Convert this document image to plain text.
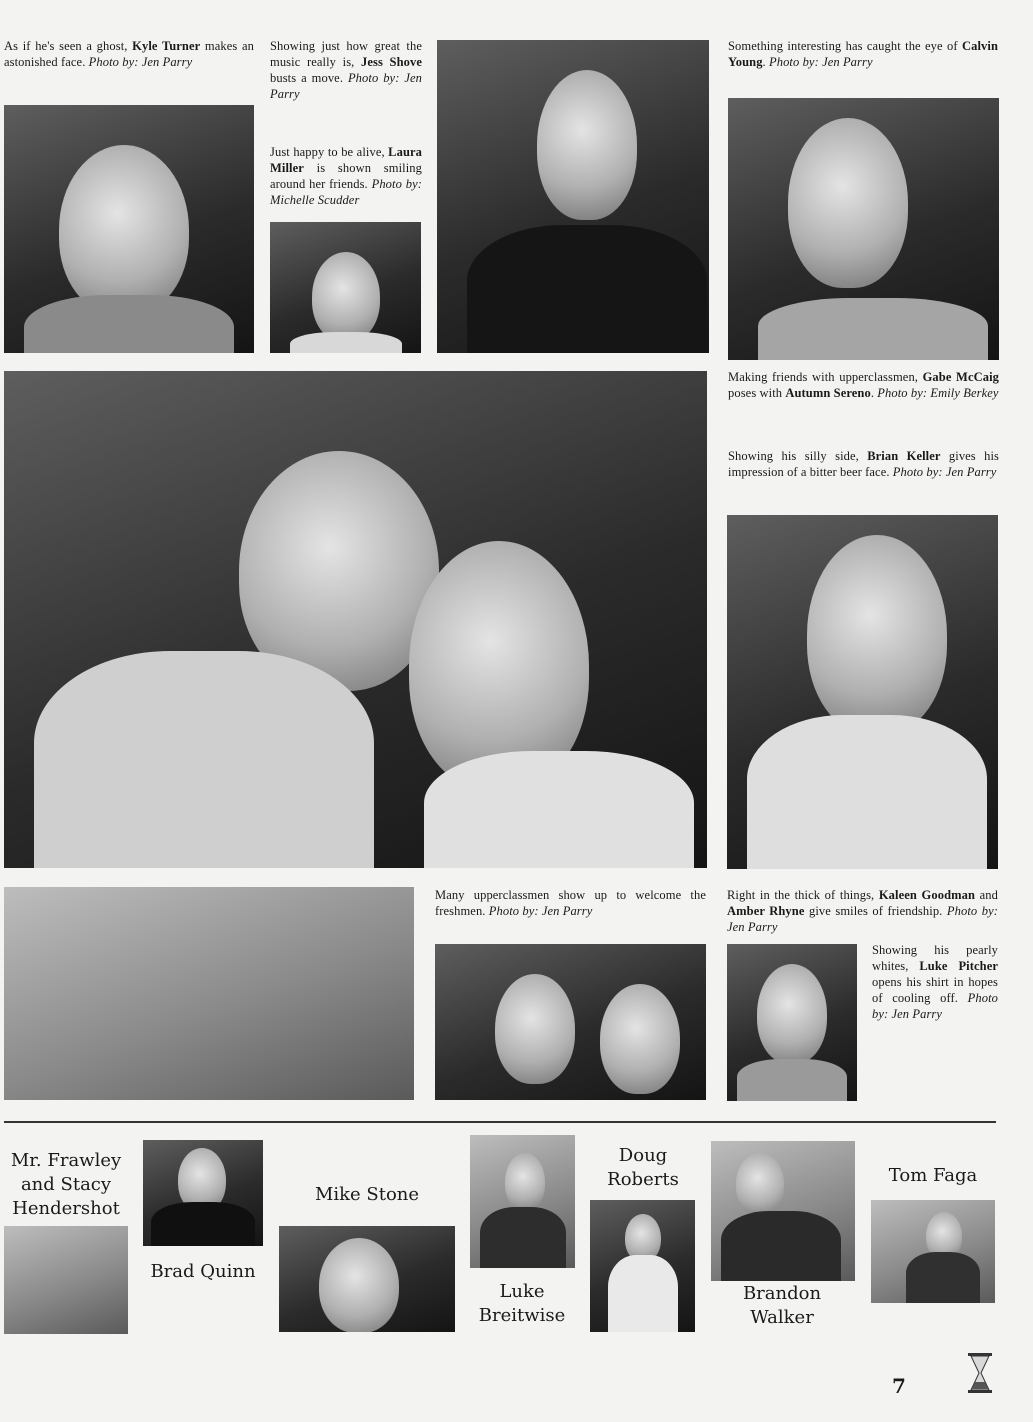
As if he's seen a ghost, Kyle Turner makes an astonished face. Photo by: Jen Parry
Showing just how great the music really is, Jess Shove busts a move. Photo by: Jen Parry
Just happy to be alive, Laura Miller is shown smiling around her friends. Photo by: Michelle Scudder
Something interesting has caught the eye of Calvin Young. Photo by: Jen Parry
Making friends with upperclassmen, Gabe McCaig poses with Autumn Sereno. Photo by: Emily Berkey
Showing his silly side, Brian Keller gives his impression of a bitter beer face. Photo by: Jen Parry
Many upperclassmen show up to welcome the freshmen. Photo by: Jen Parry
Right in the thick of things, Kaleen Goodman and Amber Rhyne give smiles of friendship. Photo by: Jen Parry
Showing his pearly whites, Luke Pitcher opens his shirt in hopes of cooling off. Photo by: Jen Parry
Mr. Frawley and Stacy Hendershot
Brad Quinn
Mike Stone
Luke Breitwise
Doug Roberts
Brandon Walker
Tom Faga
7
